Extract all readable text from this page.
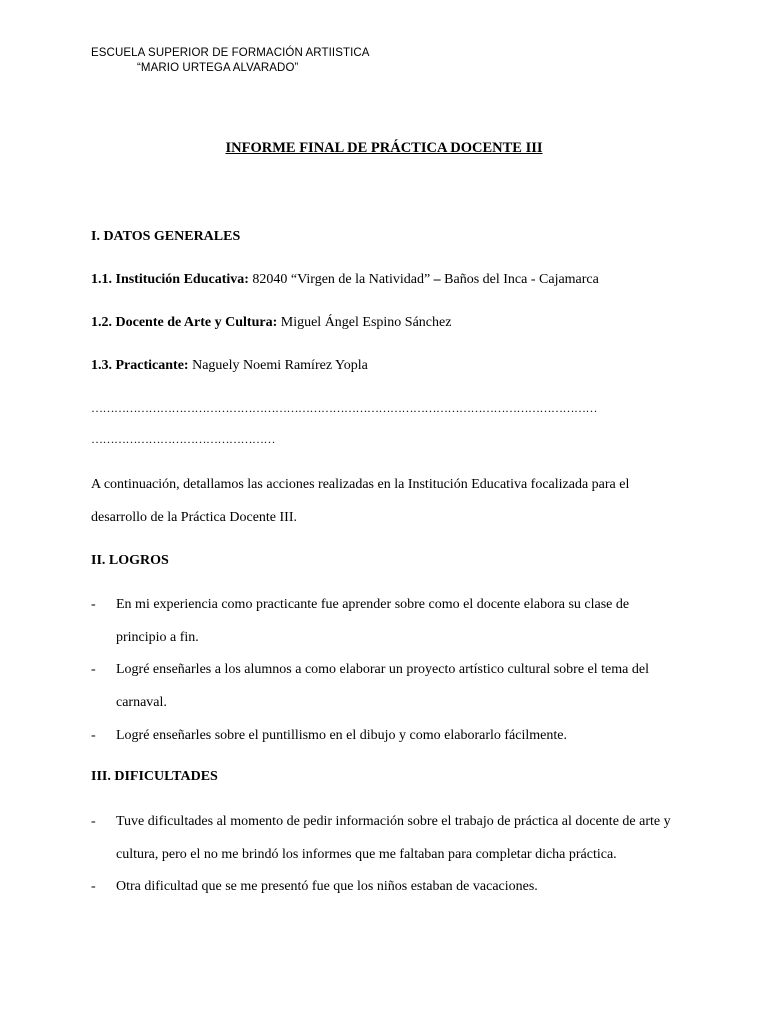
ESCUELA SUPERIOR DE FORMACIÓN ARTIISTICA
“MARIO URTEGA ALVARADO”
INFORME FINAL DE PRÁCTICA DOCENTE III
I. DATOS GENERALES
1.1. Institución Educativa: 82040 “Virgen de la Natividad” – Baños del Inca - Cajamarca
1.2. Docente de Arte y Cultura: Miguel Ángel Espino Sánchez
1.3. Practicante: Naguely Noemi Ramírez Yopla
……………………………………………………………………………………………………………………
…………………………………………
A continuación, detallamos las acciones realizadas en la Institución Educativa focalizada para el
desarrollo de la Práctica Docente III.
II. LOGROS
- En mi experiencia como practicante fue aprender sobre como el docente elabora su clase de principio a fin.
- Logré enseñarles a los alumnos a como elaborar un proyecto artístico cultural sobre el tema del carnaval.
- Logré enseñarles sobre el puntillismo en el dibujo y como elaborarlo fácilmente.
III. DIFICULTADES
- Tuve dificultades al momento de pedir información sobre el trabajo de práctica al docente de arte y cultura, pero el no me brindó los informes que me faltaban para completar dicha práctica.
- Otra dificultad que se me presentó fue que los niños estaban de vacaciones.
